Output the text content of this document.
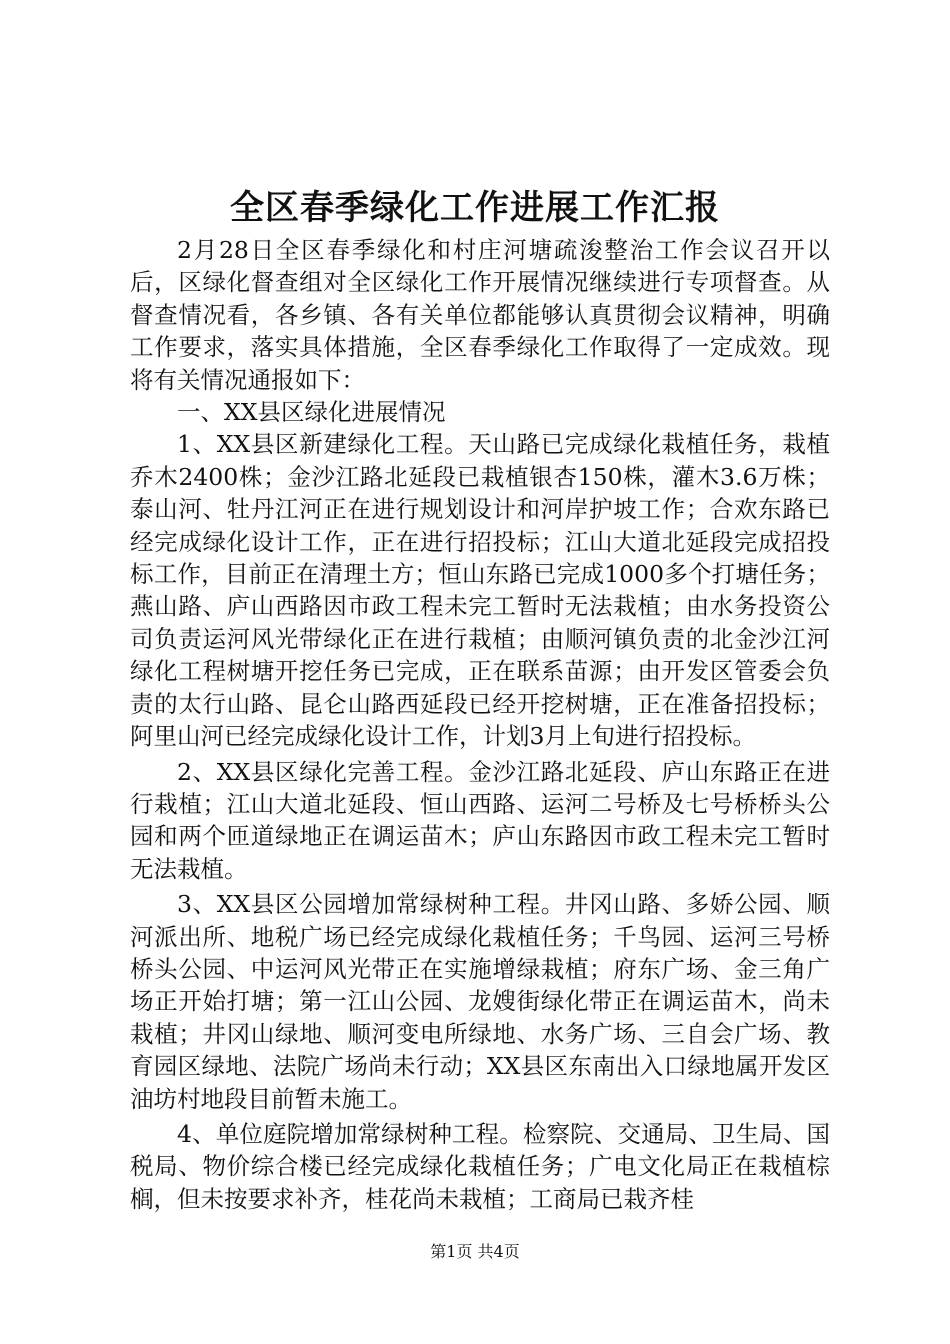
全区春季绿化工作进展工作汇报

2月28日全区春季绿化和村庄河塘疏浚整治工作会议召开以后，区绿化督查组对全区绿化工作开展情况继续进行专项督查。从督查情况看，各乡镇、各有关单位都能够认真贯彻会议精神，明确工作要求，落实具体措施，全区春季绿化工作取得了一定成效。现将有关情况通报如下：

一、XX县区绿化进展情况

1、XX县区新建绿化工程。天山路已完成绿化栽植任务，栽植乔木2400株；金沙江路北延段已栽植银杏150株，灌木3.6万株；泰山河、牡丹江河正在进行规划设计和河岸护坡工作；合欢东路已经完成绿化设计工作，正在进行招投标；江山大道北延段完成招投标工作，目前正在清理土方；恒山东路已完成1000多个打塘任务；燕山路、庐山西路因市政工程未完工暂时无法栽植；由水务投资公司负责运河风光带绿化正在进行栽植；由顺河镇负责的北金沙江河绿化工程树塘开挖任务已完成，正在联系苗源；由开发区管委会负责的太行山路、昆仑山路西延段已经开挖树塘，正在准备招投标；阿里山河已经完成绿化设计工作，计划3月上旬进行招投标。

2、XX县区绿化完善工程。金沙江路北延段、庐山东路正在进行栽植；江山大道北延段、恒山西路、运河二号桥及七号桥桥头公园和两个匝道绿地正在调运苗木；庐山东路因市政工程未完工暂时无法栽植。

3、XX县区公园增加常绿树种工程。井冈山路、多娇公园、顺河派出所、地税广场已经完成绿化栽植任务；千鸟园、运河三号桥桥头公园、中运河风光带正在实施增绿栽植；府东广场、金三角广场正开始打塘；第一江山公园、龙嫂街绿化带正在调运苗木，尚未栽植；井冈山绿地、顺河变电所绿地、水务广场、三自会广场、教育园区绿地、法院广场尚未行动；XX县区东南出入口绿地属开发区油坊村地段目前暂未施工。

4、单位庭院增加常绿树种工程。检察院、交通局、卫生局、国税局、物价综合楼已经完成绿化栽植任务；广电文化局正在栽植棕榈，但未按要求补齐，桂花尚未栽植；工商局已栽齐桂

第1页 共4页
